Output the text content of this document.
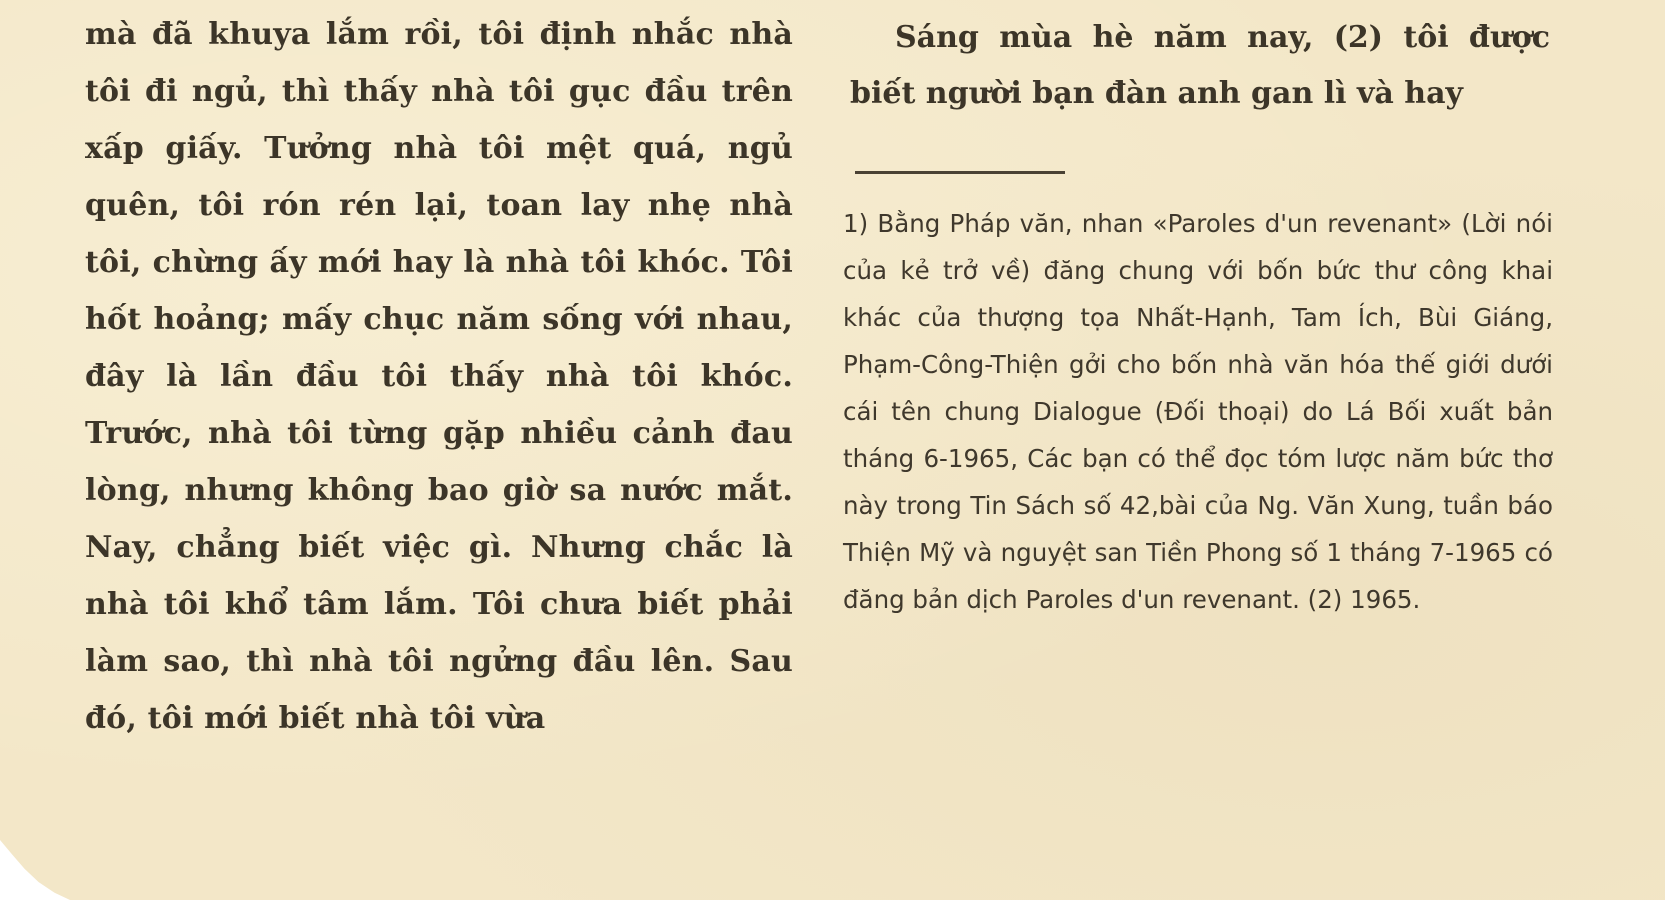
mà đã khuya lắm rồi, tôi định nhắc nhà tôi đi ngủ, thì thấy nhà tôi gục đầu trên xấp giấy. Tưởng nhà tôi mệt quá, ngủ quên, tôi rón rén lại, toan lay nhẹ nhà tôi, chừng ấy mới hay là nhà tôi khóc. Tôi hốt hoảng; mấy chục năm sống với nhau, đây là lần đầu tôi thấy nhà tôi khóc. Trước, nhà tôi từng gặp nhiều cảnh đau lòng, nhưng không bao giờ sa nước mắt. Nay, chẳng biết việc gì. Nhưng chắc là nhà tôi khổ tâm lắm. Tôi chưa biết phải làm sao, thì nhà tôi ngửng đầu lên. Sau đó, tôi mới biết nhà tôi vừa

Sáng mùa hè năm nay, (2) tôi được biết người bạn đàn anh gan lì và hay

1) Bằng Pháp văn, nhan «Paroles d'un revenant» (Lời nói của kẻ trở về) đăng chung với bốn bức thư công khai khác của thượng tọa Nhất-Hạnh, Tam Ích, Bùi Giáng, Phạm-Công-Thiện gởi cho bốn nhà văn hóa thế giới dưới cái tên chung Dialogue (Đối thoại) do Lá Bối xuất bản tháng 6-1965, Các bạn có thể đọc tóm lược năm bức thơ này trong Tin Sách số 42,bài của Ng. Văn Xung, tuần báo Thiện Mỹ và nguyệt san Tiền Phong số 1 tháng 7-1965 có đăng bản dịch Paroles d'un revenant. (2) 1965.
